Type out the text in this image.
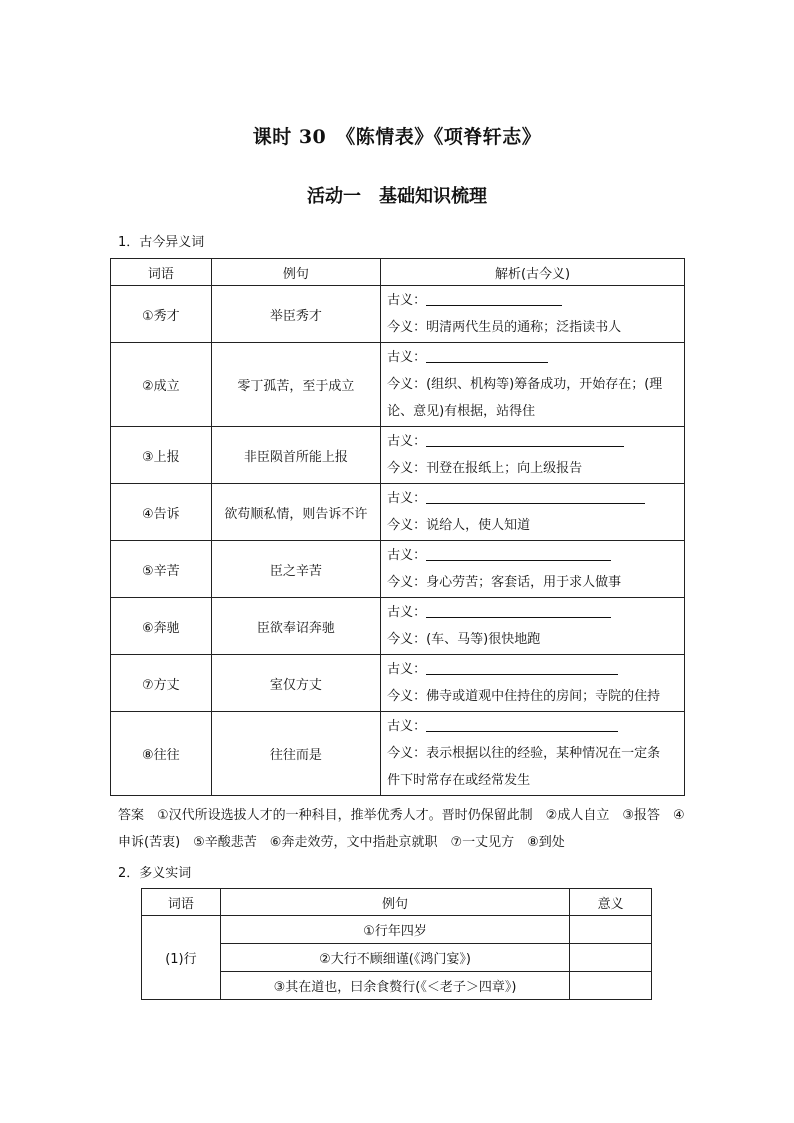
课时 30　《陈情表》《项脊轩志》
活动一　基础知识梳理
1．古今异义词
词语	例句	解析(古今义)
①秀才	举臣秀才	古义：
今义：明清两代生员的通称；泛指读书人

②成立	零丁孤苦，至于成立	古义：
今义：(组织、机构等)筹备成功，开始存在；(理
论、意见)有根据，站得住

③上报	非臣陨首所能上报	古义：
今义：刊登在报纸上；向上级报告

④告诉	欲苟顺私情，则告诉不许	古义：
今义：说给人，使人知道

⑤辛苦	臣之辛苦	古义：
今义：身心劳苦；客套话，用于求人做事

⑥奔驰	臣欲奉诏奔驰	古义：
今义：(车、马等)很快地跑

⑦方丈	室仅方丈	古义：
今义：佛寺或道观中住持住的房间；寺院的住持

⑧往往	往往而是	古义：
今义：表示根据以往的经验，某种情况在一定条
件下时常存在或经常发生
答案　 ①汉代所设选拔人才的一种科目，推举优秀人才。晋时仍保留此制　②成人自立　③报答　④申诉(苦衷)　⑤辛酸悲苦　⑥奔走效劳，文中指赴京就职　⑦一丈见方　⑧到处
2．多义实词
词语	例句	意义
(1)行	①行年四岁	
	②大行不顾细谨(《鸿门宴》)	
	③其在道也，曰余食赘行(《＜老子＞四章》)	
